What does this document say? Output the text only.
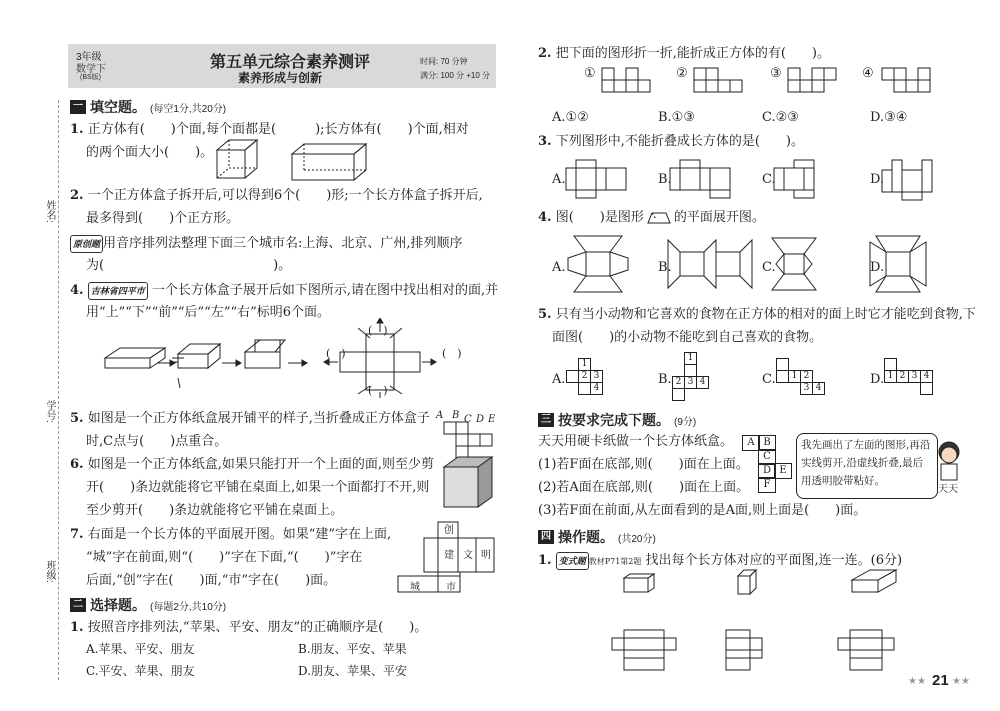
3年级
数学下
(BS版)
第五单元综合素养测评
素养形成与创新
时间: 70 分钟
满分: 100 分 +10 分
姓名:
学号:
班级:
一 填空题。 (每空1分,共20分)
1. 正方体有(　　)个面,每个面都是(　　　);长方体有(　　)个面,相对
的两个面大小(　　)。
2. 一个正方体盒子拆开后,可以得到6个(　　)形;一个长方体盒子拆开后,
最多得到(　　)个正方形。
原创题 用音序排列法整理下面三个城市名:上海、北京、广州,排列顺序
为(　　　　　　　　　　　　　)。
4. 吉林省四平市 一个长方体盒子展开后如下图所示,请在图中找出相对的面,并
用“上”“下”“前”“后”“左”“右”标明6个面。
(　)
(　)	(　)
(　)
5. 如图是一个正方体纸盒展开铺平的样子,当折叠成正方体盒子
时,C点与(　　)点重合。
A B C D E
6. 如图是一个正方体纸盒,如果只能打开一个上面的面,则至少剪
开(　　)条边就能将它平铺在桌面上,如果一个面都打不开,则
至少剪开(　　)条边就能将它平铺在桌面上。
7. 右面是一个长方体的平面展开图。如果“建”字在上面,
“城”字在前面,则“(　　)”字在下面,“(　　)”字在
后面,“创”字在(　　)面,“市”字在(　　)面。
创
建 文 明
城	市
二 选择题。 (每题2分,共10分)
1. 按照音序排列法,“苹果、平安、朋友”的正确顺序是(　　)。
A.苹果、平安、朋友	B.朋友、平安、苹果
C.平安、苹果、朋友	D.朋友、苹果、平安
2. 把下面的图形折一折,能折成正方体的有(　　)。
①	②	③	④
A.①②	B.①③	C.②③	D.③④
3. 下列图形中,不能折叠成长方体的是(　　)。
A.	B.	C.	D.
4. 图(　　)是图形 的平面展开图。
A.	B.	C.	D.
5. 只有当小动物和它喜欢的食物在正方体的相对的面上时它才能吃到食物,下
面图(　　)的小动物不能吃到自己喜欢的食物。
A.	B.	C.	D.
1
2 3
4
1
2 3 4
1 2
3 4
1 2 3 4
三 按要求完成下题。 (9分)
天天用硬卡纸做一个长方体纸盒。
(1)若F面在底部,则(　　)面在上面。
(2)若A面在底部,则(　　)面在上面。
(3)若F面在前面,从左面看到的是A面,则上面是(　　)面。
A B
C
D E
F
我先画出了左面的图形,再沿实线剪开,沿虚线折叠,最后用透明胶带粘好。
天天
四 操作题。 (共20分)
1. 变式题 教材P71第2题 找出每个长方体对应的平面图,连一连。(6分)
★★ 21 ★★
